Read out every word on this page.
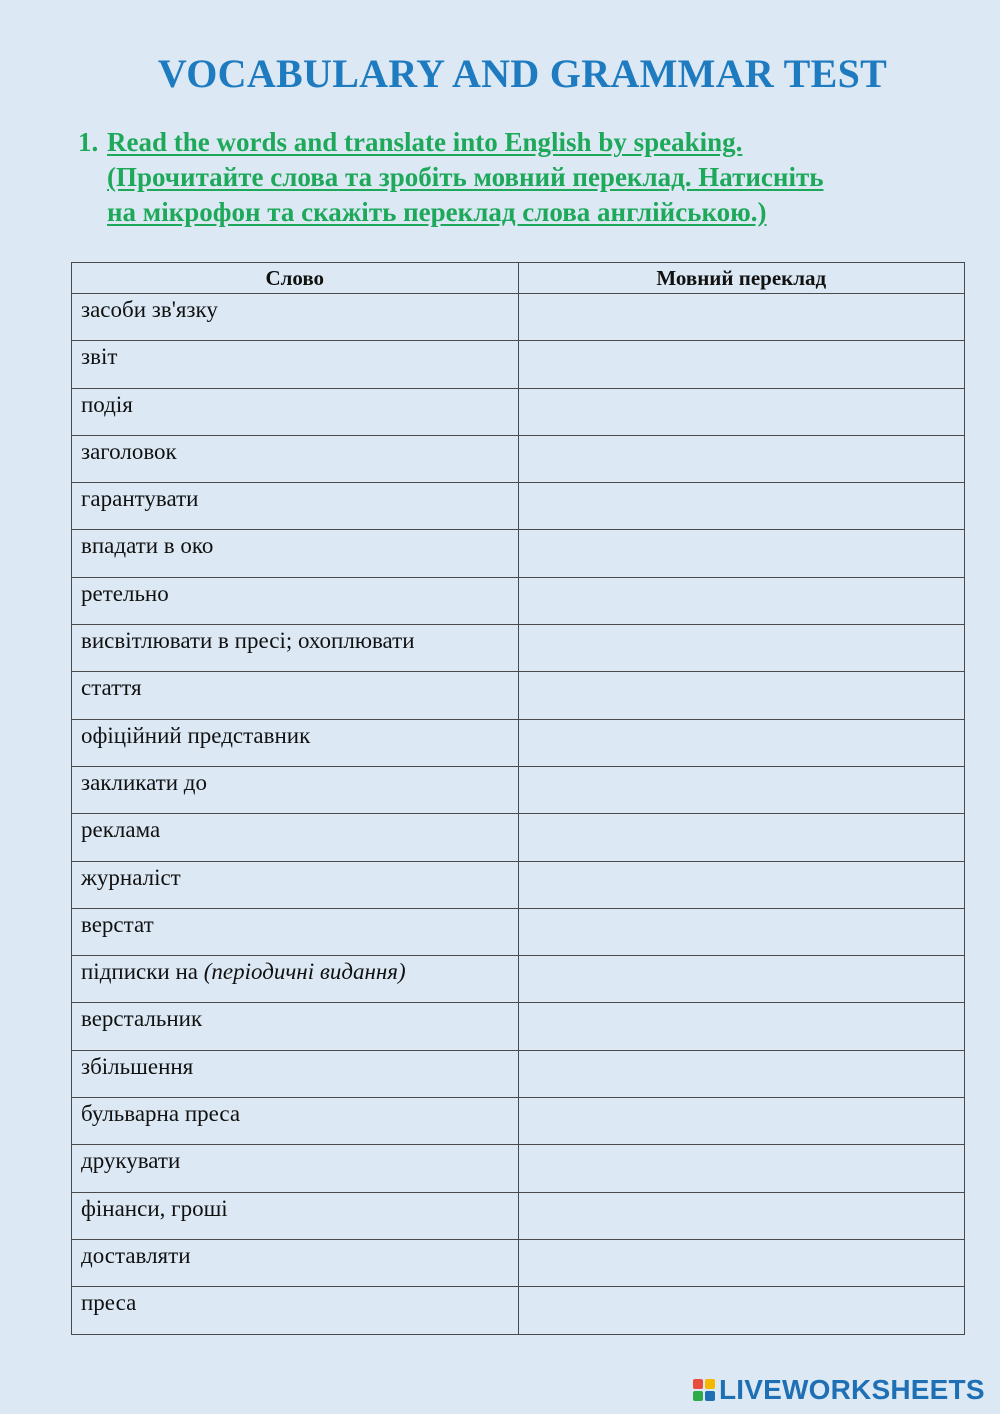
VOCABULARY AND GRAMMAR TEST
1. Read the words and translate into English by speaking.
(Прочитайте слова та зробіть мовний переклад. Натисніть
на мікрофон та скажіть переклад слова англійською.)
Слово	Мовний переклад
засоби зв'язку	
звіт	
подія	
заголовок	
гарантувати	
впадати в око	
ретельно	
висвітлювати в пресі; охоплювати	
стаття	
офіційний представник	
закликати до	
реклама	
журналіст	
верстат	
підписки на (періодичні видання)	
верстальник	
збільшення	
бульварна преса	
друкувати	
фінанси, гроші	
доставляти	
преса	
LIVEWORKSHEETS
